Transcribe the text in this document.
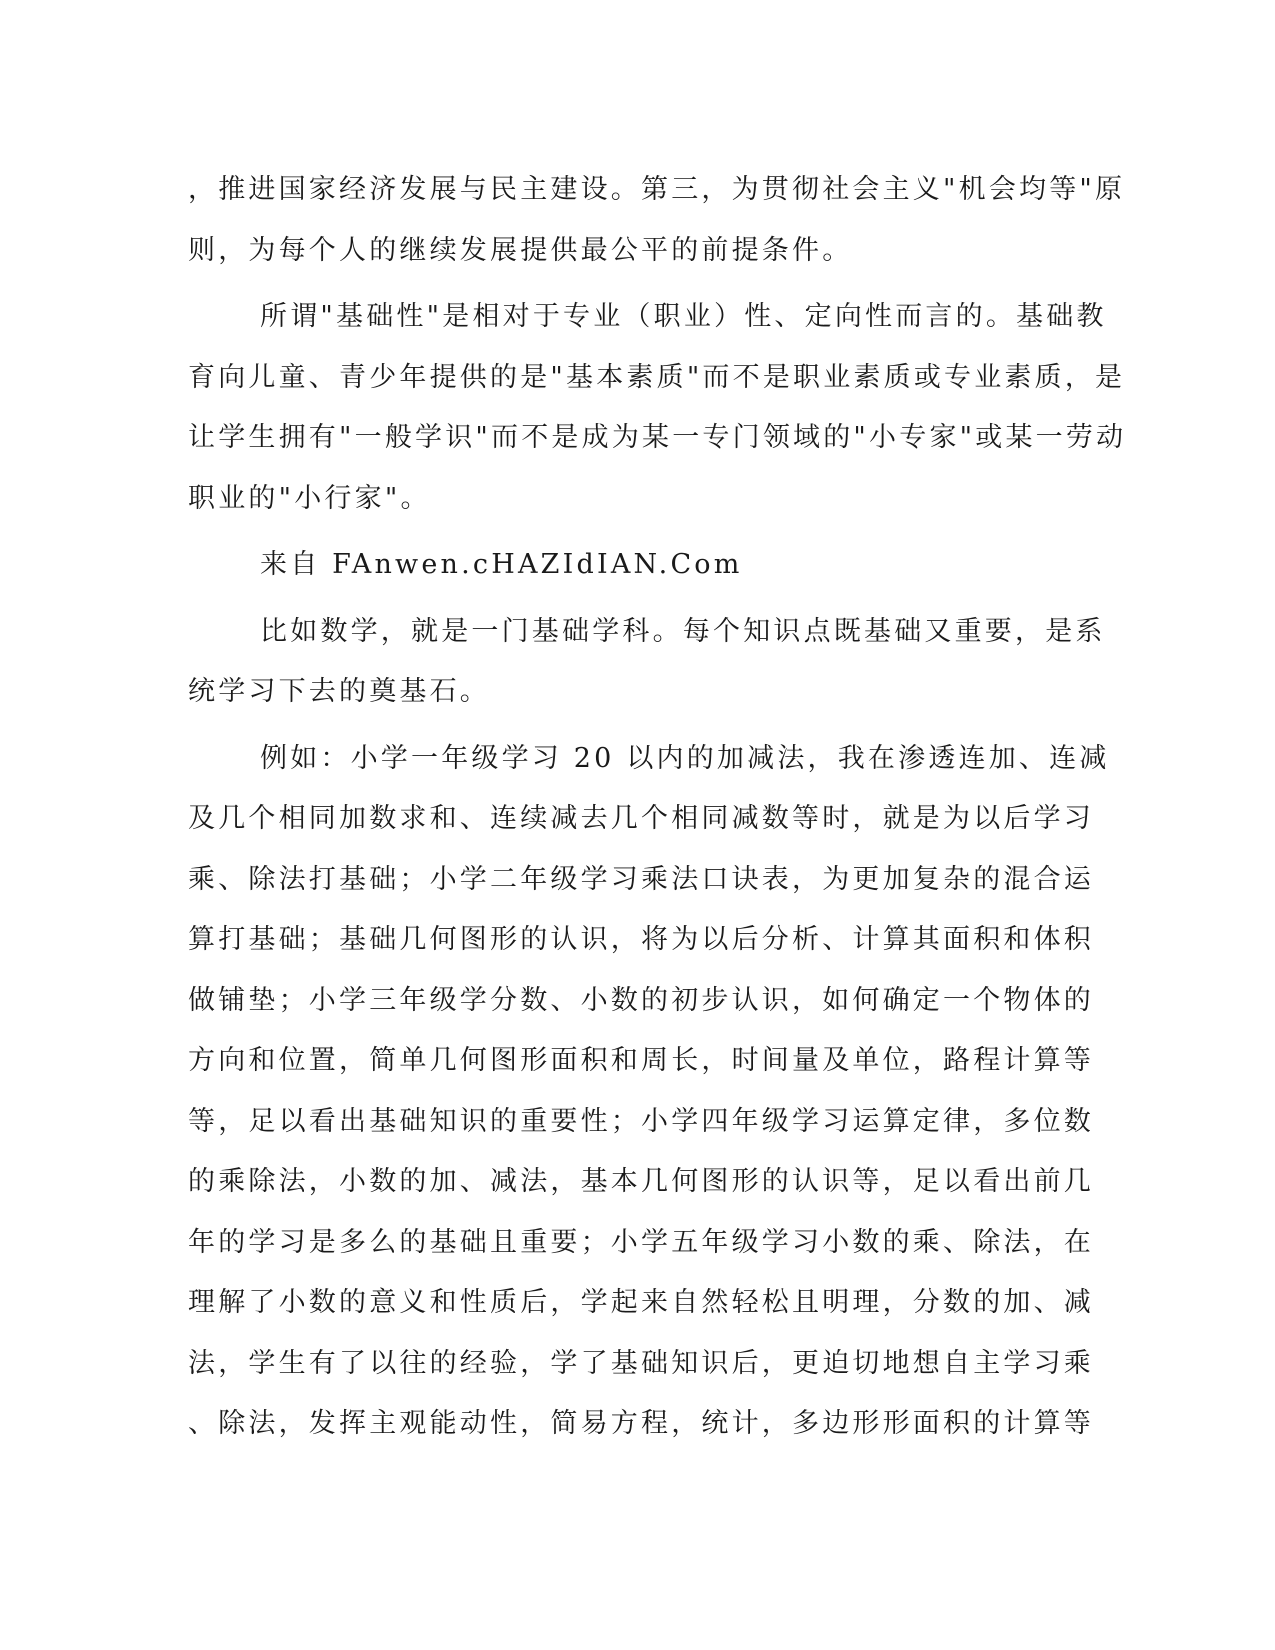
，推进国家经济发展与民主建设。第三，为贯彻社会主义"机会均等"原
则，为每个人的继续发展提供最公平的前提条件。

所谓"基础性"是相对于专业（职业）性、定向性而言的。基础教
育向儿童、青少年提供的是"基本素质"而不是职业素质或专业素质，是
让学生拥有"一般学识"而不是成为某一专门领域的"小专家"或某一劳动
职业的"小行家"。

来自 FAnwen.cHAZIdIAN.Com

比如数学，就是一门基础学科。每个知识点既基础又重要，是系
统学习下去的奠基石。

例如：小学一年级学习 20 以内的加减法，我在渗透连加、连减
及几个相同加数求和、连续减去几个相同减数等时，就是为以后学习
乘、除法打基础；小学二年级学习乘法口诀表，为更加复杂的混合运
算打基础；基础几何图形的认识，将为以后分析、计算其面积和体积
做铺垫；小学三年级学分数、小数的初步认识，如何确定一个物体的
方向和位置，简单几何图形面积和周长，时间量及单位，路程计算等
等，足以看出基础知识的重要性；小学四年级学习运算定律，多位数
的乘除法，小数的加、减法，基本几何图形的认识等，足以看出前几
年的学习是多么的基础且重要；小学五年级学习小数的乘、除法，在
理解了小数的意义和性质后，学起来自然轻松且明理，分数的加、减
法，学生有了以往的经验，学了基础知识后，更迫切地想自主学习乘
、除法，发挥主观能动性，简易方程，统计，多边形形面积的计算等
